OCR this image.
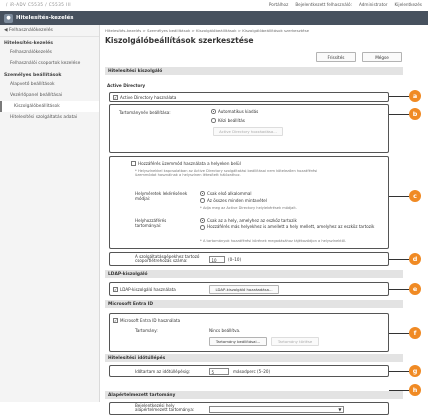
/ iR-ADV C5535 / C5535 III	Portálhoz Bejelentkezett felhasználó: Administrator Kijelentkezés
● Hitelesítés-kezelés
◀ Felhasználókezelés
Hitelesítés-kezelés
Felhasználókezelés
Felhasználói csoportok kezelése
Személyes beállítások
Alapvető beállítások
Vezérlőpanel beállításai
Kiszolgálóbeállítások
Hitelesítési szolgáltatás adatai
Hitelesítés-kezelés > Személyes beállítások > Kiszolgálóbeállítások > Kiszolgálóbeállítások szerkesztése
Kiszolgálóbeállítások szerkesztése
Frissítés	Mégse
Hitelesítési kiszolgáló
Active Directory
✓ Active Directory használata
Tartománynév beállítása:	Automatikus kiadás
Kézi beállítás
Active Directory hozzáadása...
Hozzáférés üzemmód használata a helyeken belül
* Helyszínekkel kapcsolatban az Active Directory szolgáltatási beállításai nem kötelezően hozzáférési üzemmódot használnak a helyszínen létesített hálózathoz.
Helyméretek lekérésének módjai:
Csak első alkalommal
Az összes minden mintavétel
* Adja meg az Active Directory helylekérések módjait.
Helyhozzáférés tartományai:
Csak az a hely, amelyhez az eszköz tartozik
Hozzáférés más helyekhez is amellett a hely mellett, amelyhez az eszköz tartozik
* A tartományok hozzáférési körének megadásához tájékozódjon a helyszínektől.
A szolgáltatásgépekhez tartozó csoportlétrehozás száma:	10	(0–10)
LDAP-kiszolgáló
✓ LDAP-kiszolgáló használata	LDAP-kiszolgáló hozzáadása...
Microsoft Entra ID
✓ Microsoft Entra ID használata
Tartomány:	Nincs beállítva.
Tartomány beállításai...	Tartomány törlése
Hitelesítési időtúllépés
Időtartam az időtúllépésig:	5	másodperc (5–20)
Alapértelmezett tartomány
Bejelentkezési hely alapértelmezett tartománya:	▼
a
b
c
d
e
f
g
h
